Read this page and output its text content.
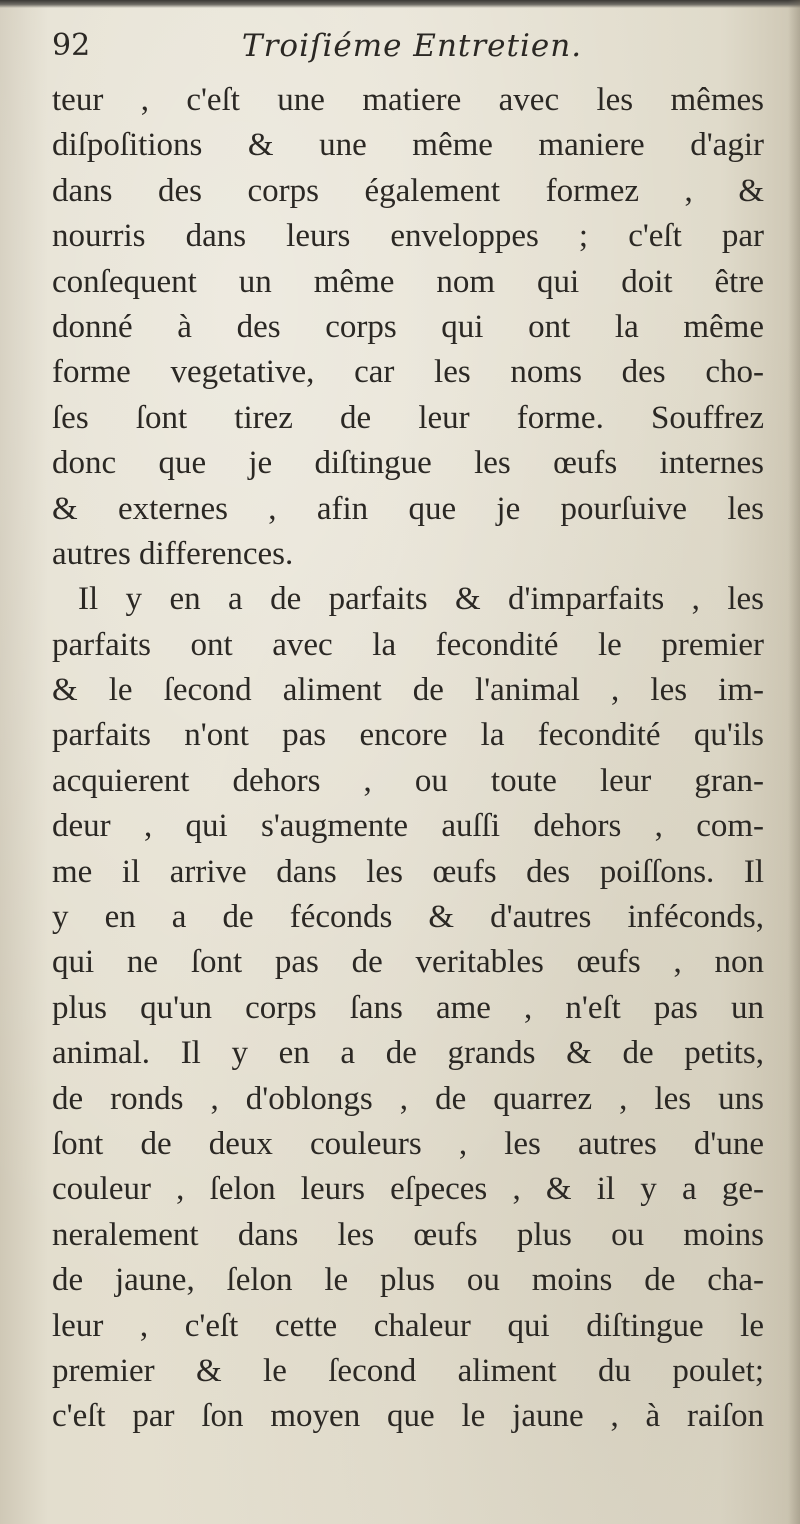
92	Troiſiéme Entretien.
teur , c'eſt une matiere avec les mêmes
diſpoſitions & une même maniere d'agir
dans des corps également formez , &
nourris dans leurs enveloppes ; c'eſt par
conſequent un même nom qui doit être
donné à des corps qui ont la même
forme vegetative, car les noms des cho-
ſes ſont tirez de leur forme. Souffrez
donc que je diſtingue les œufs internes
& externes , afin que je pourſuive les
autres differences.
Il y en a de parfaits & d'imparfaits , les
parfaits ont avec la fecondité le premier
& le ſecond aliment de l'animal , les im-
parfaits n'ont pas encore la fecondité qu'ils
acquierent dehors , ou toute leur gran-
deur , qui s'augmente auſſi dehors , com-
me il arrive dans les œufs des poiſſons. Il
y en a de féconds & d'autres inféconds,
qui ne ſont pas de veritables œufs , non
plus qu'un corps ſans ame , n'eſt pas un
animal. Il y en a de grands & de petits,
de ronds , d'oblongs , de quarrez , les uns
ſont de deux couleurs , les autres d'une
couleur , ſelon leurs eſpeces , & il y a ge-
neralement dans les œufs plus ou moins
de jaune, ſelon le plus ou moins de cha-
leur , c'eſt cette chaleur qui diſtingue le
premier & le ſecond aliment du poulet;
c'eſt par ſon moyen que le jaune , à raiſon
